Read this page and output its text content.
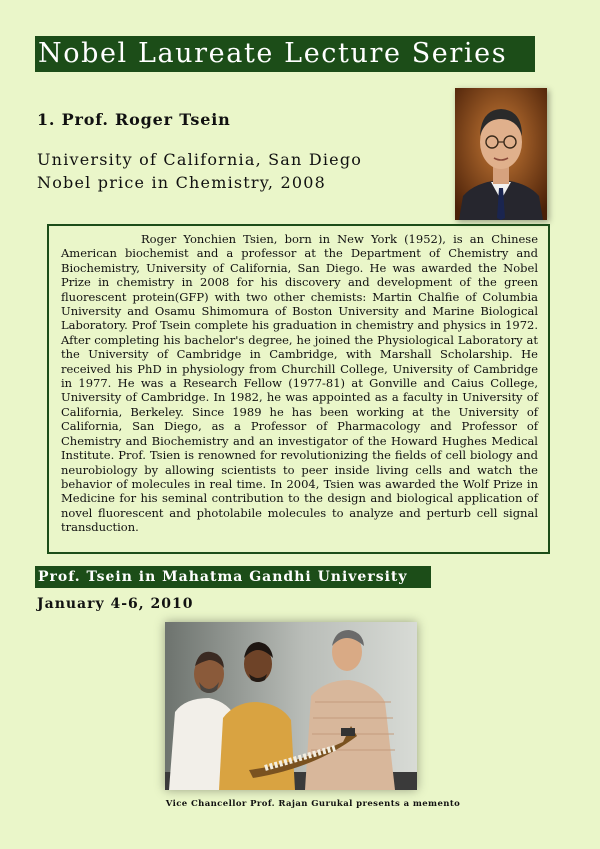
Nobel Laureate Lecture Series
1. Prof. Roger Tsein
University of California, San Diego
Nobel price in Chemistry, 2008

Roger Yonchien Tsien, born in New York (1952), is an Chinese American biochemist and a professor at the Department of Chemistry and Biochemistry, University of California, San Diego. He was awarded the Nobel Prize in chemistry in 2008 for his discovery and development of the green fluorescent protein(GFP) with two other chemists: Martin Chalfie of Columbia University and Osamu Shimomura of Boston University and Marine Biological Laboratory. Prof Tsein complete his graduation in chemistry and physics in 1972. After completing his bachelor's degree, he joined the Physiological Laboratory at the University of Cambridge in Cambridge, with Marshall Scholarship. He received his PhD in physiology from Churchill College, University of Cambridge in 1977. He was a Research Fellow (1977-81) at Gonville and Caius College, University of Cambridge. In 1982, he was appointed as a faculty in University of California, Berkeley. Since 1989 he has been working at the University of California, San Diego, as a Professor of Pharmacology and Professor of Chemistry and Biochemistry and an investigator of the Howard Hughes Medical Institute. Prof. Tsien is renowned for revolutionizing the fields of cell biology and neurobiology by allowing scientists to peer inside living cells and watch the behavior of molecules in real time. In 2004, Tsien was awarded the Wolf Prize in Medicine for his seminal contribution to the design and biological application of novel fluorescent and photolabile molecules to analyze and perturb cell signal transduction.

Prof. Tsein in Mahatma Gandhi University
January 4-6, 2010
Vice Chancellor Prof. Rajan Gurukal presents a memento
